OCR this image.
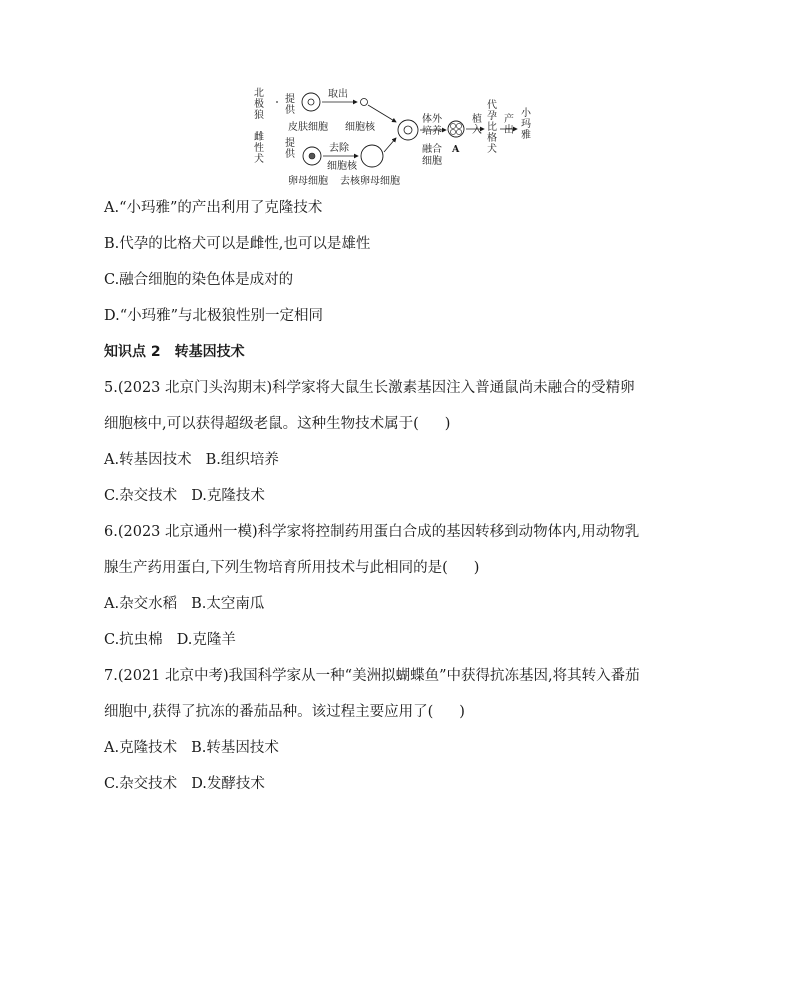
北极狼
提供
皮肤细胞
取出
细胞核
雌性犬
提供
卵母细胞
去除
细胞核
去核卵母细胞
融合细胞
体外培养
A
植入
代孕比格犬
产出
小玛雅
A.“小玛雅”的产出利用了克隆技术
B.代孕的比格犬可以是雌性,也可以是雄性
C.融合细胞的染色体是成对的
D.“小玛雅”与北极狼性别一定相同
知识点 2　转基因技术
5.(2023 北京门头沟期末)科学家将大鼠生长激素基因注入普通鼠尚未融合的受精卵
细胞核中,可以获得超级老鼠。这种生物技术属于( )
A.转基因技术 B.组织培养
C.杂交技术 D.克隆技术
6.(2023 北京通州一模)科学家将控制药用蛋白合成的基因转移到动物体内,用动物乳
腺生产药用蛋白,下列生物培育所用技术与此相同的是( )
A.杂交水稻 B.太空南瓜
C.抗虫棉 D.克隆羊
7.(2021 北京中考)我国科学家从一种“美洲拟蝴蝶鱼”中获得抗冻基因,将其转入番茄
细胞中,获得了抗冻的番茄品种。该过程主要应用了( )
A.克隆技术 B.转基因技术
C.杂交技术 D.发酵技术
